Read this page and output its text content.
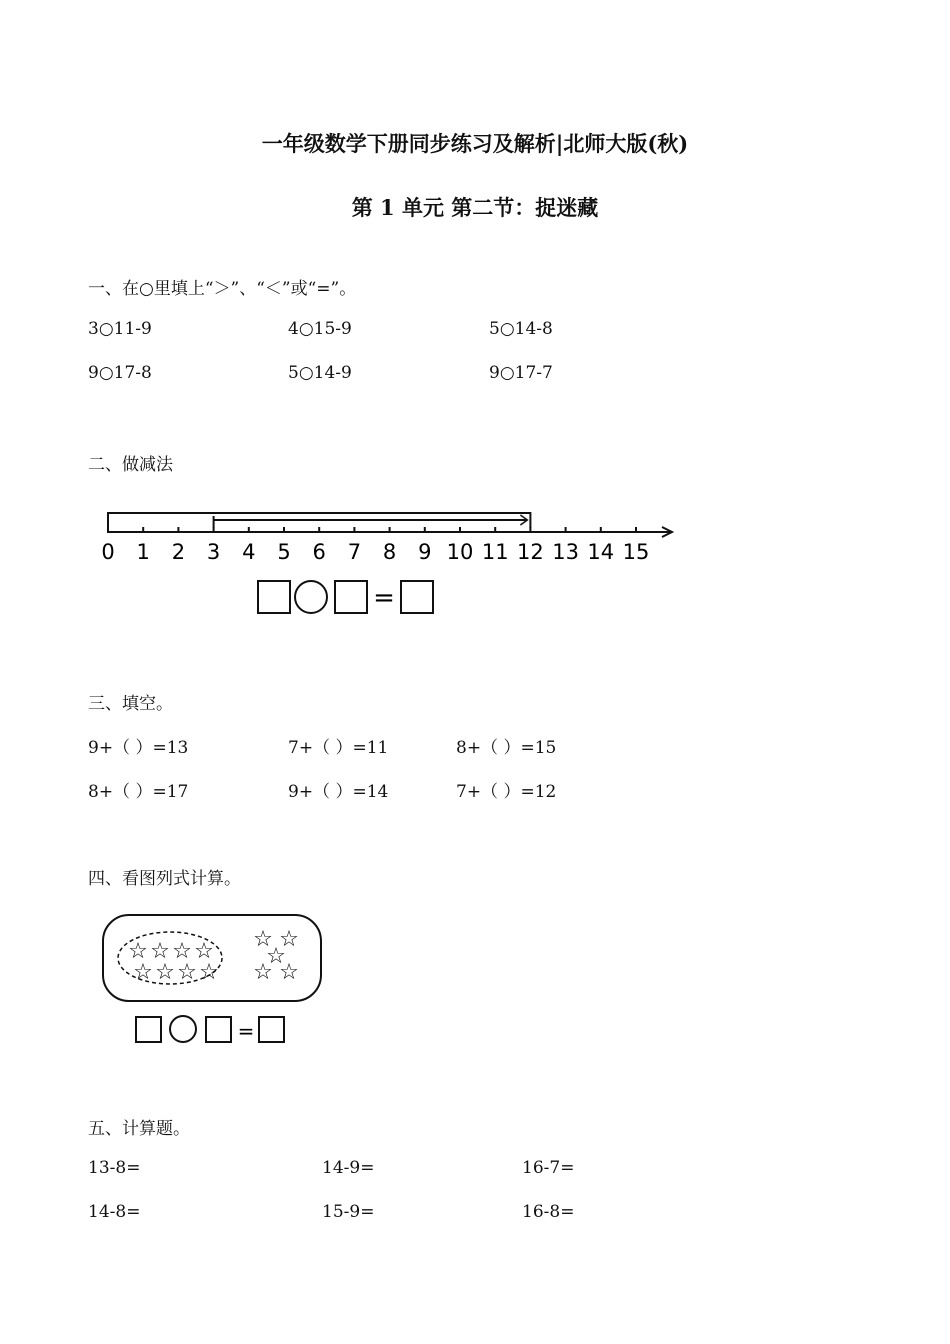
一年级数学下册同步练习及解析|北师大版(秋)
第 1 单元 第二节：捉迷藏
一、在○里填上“＞”、“＜”或“=”。
3○11-9	4○15-9	5○14-8
9○17-8	5○14-9	9○17-7
二、做减法
0 1 2 3 4 5 6 7 8 9 10 11 12 13 14 15
=
三、填空。
9+（ ）=13	7+（ ）=11	8+（ ）=15
8+（ ）=17	9+（ ）=14	7+（ ）=12
四、看图列式计算。
☆ ☆ ☆ ☆
☆ ☆ ☆ ☆
☆ ☆
☆
☆ ☆
=
五、计算题。
13-8=	14-9=	16-7=
14-8=	15-9=	16-8=
